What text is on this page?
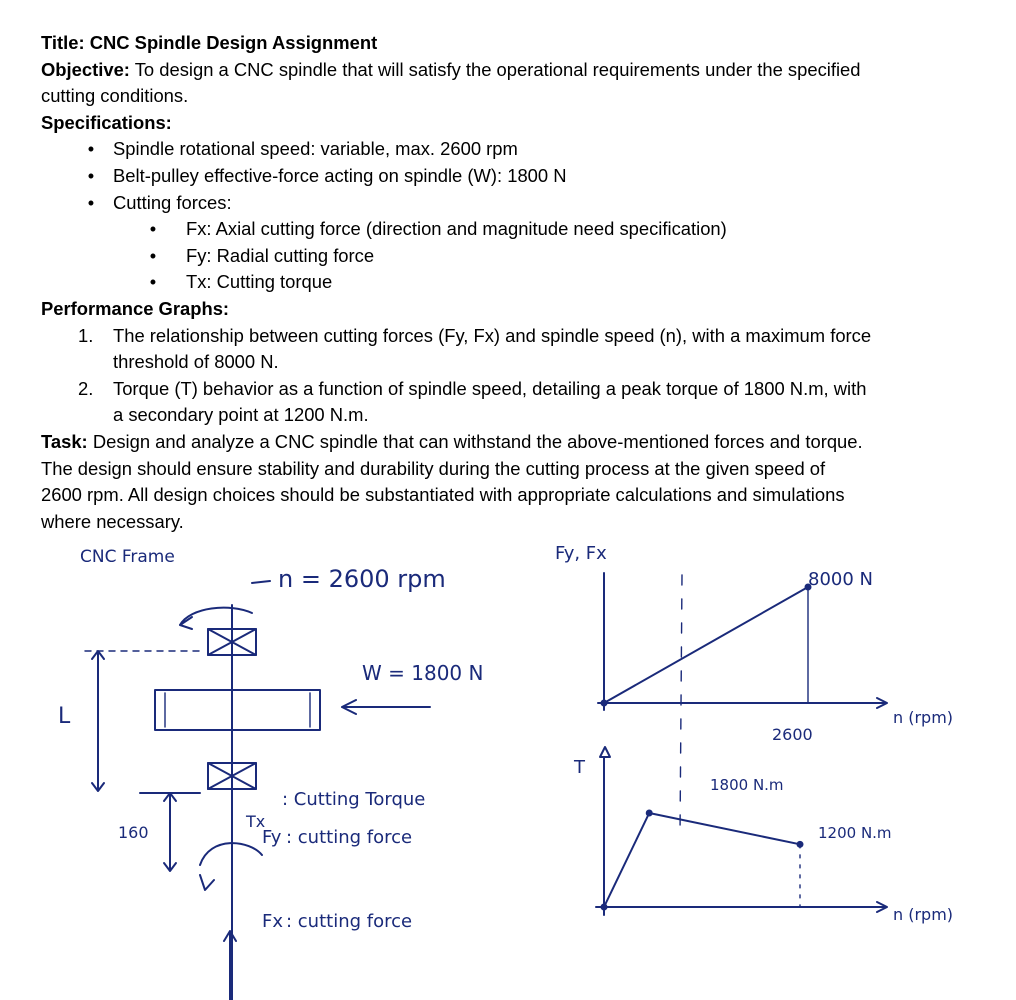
Title: CNC Spindle Design Assignment
Objective: To design a CNC spindle that will satisfy the operational requirements under the specified
cutting conditions.
Specifications:
•	Spindle rotational speed: variable, max. 2600 rpm
•	Belt-pulley effective-force acting on spindle (W): 1800 N
•	Cutting forces:
•	Fx: Axial cutting force (direction and magnitude need specification)
•	Fy: Radial cutting force
•	Tx: Cutting torque
Performance Graphs:
1. The relationship between cutting forces (Fy, Fx) and spindle speed (n), with a maximum force
threshold of 8000 N.
2. Torque (T) behavior as a function of spindle speed, detailing a peak torque of 1800 N.m, with
a secondary point at 1200 N.m.
Task: Design and analyze a CNC spindle that can withstand the above-mentioned forces and torque.
The design should ensure stability and durability during the cutting process at the given speed of
2600 rpm. All design choices should be substantiated with appropriate calculations and simulations
where necessary.
CNC Frame
n = 2600 rpm
W = 1800 N
L
160
Tx
: Cutting Torque
Fy : cutting force
Fx : cutting force
Fy, Fx
n (rpm)
8000 N
2600
T
n (rpm)
1800 N.m
1200 N.m
